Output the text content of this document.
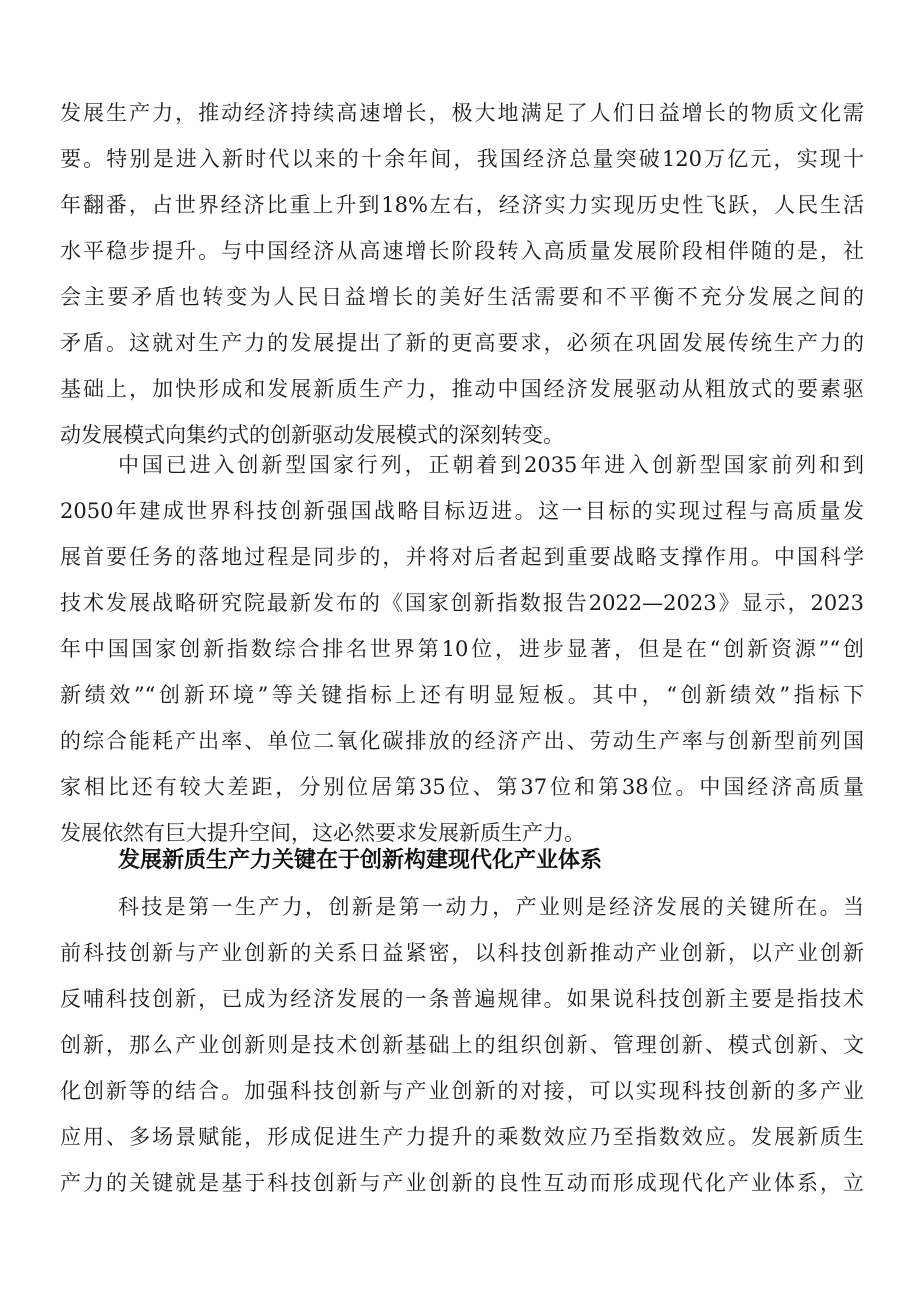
发展生产力，推动经济持续高速增长，极大地满足了人们日益增长的物质文化需

要。特别是进入新时代以来的十余年间，我国经济总量突破120万亿元，实现十

年翻番，占世界经济比重上升到18%左右，经济实力实现历史性飞跃，人民生活

水平稳步提升。与中国经济从高速增长阶段转入高质量发展阶段相伴随的是，社

会主要矛盾也转变为人民日益增长的美好生活需要和不平衡不充分发展之间的

矛盾。这就对生产力的发展提出了新的更高要求，必须在巩固发展传统生产力的

基础上，加快形成和发展新质生产力，推动中国经济发展驱动从粗放式的要素驱

动发展模式向集约式的创新驱动发展模式的深刻转变。

中国已进入创新型国家行列，正朝着到2035年进入创新型国家前列和到

2050年建成世界科技创新强国战略目标迈进。这一目标的实现过程与高质量发

展首要任务的落地过程是同步的，并将对后者起到重要战略支撑作用。中国科学

技术发展战略研究院最新发布的《国家创新指数报告2022—2023》显示，2023

年中国国家创新指数综合排名世界第10位，进步显著，但是在“创新资源”“创

新绩效”“创新环境”等关键指标上还有明显短板。其中，“创新绩效”指标下

的综合能耗产出率、单位二氧化碳排放的经济产出、劳动生产率与创新型前列国

家相比还有较大差距，分别位居第35位、第37位和第38位。中国经济高质量

发展依然有巨大提升空间，这必然要求发展新质生产力。

发展新质生产力关键在于创新构建现代化产业体系

科技是第一生产力，创新是第一动力，产业则是经济发展的关键所在。当

前科技创新与产业创新的关系日益紧密，以科技创新推动产业创新，以产业创新

反哺科技创新，已成为经济发展的一条普遍规律。如果说科技创新主要是指技术

创新，那么产业创新则是技术创新基础上的组织创新、管理创新、模式创新、文

化创新等的结合。加强科技创新与产业创新的对接，可以实现科技创新的多产业

应用、多场景赋能，形成促进生产力提升的乘数效应乃至指数效应。发展新质生

产力的关键就是基于科技创新与产业创新的良性互动而形成现代化产业体系，立
